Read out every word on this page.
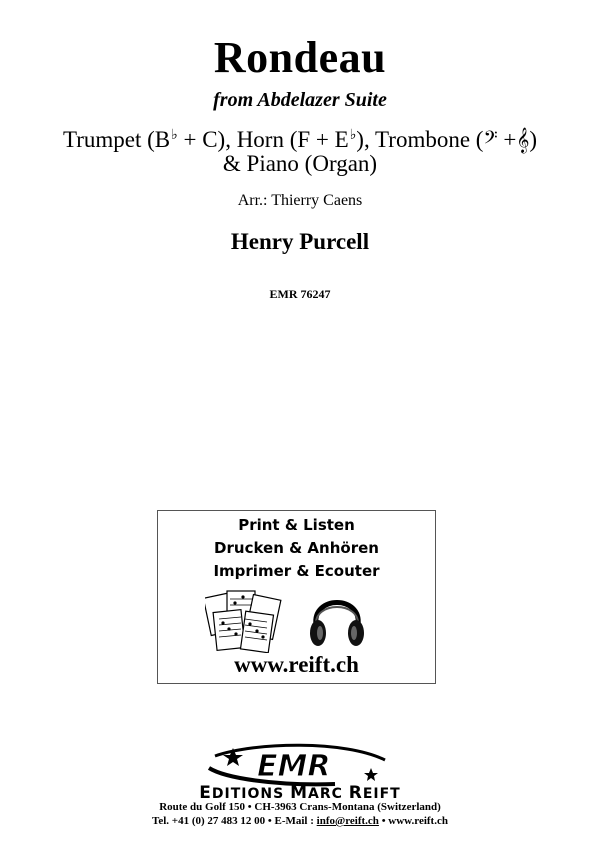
Rondeau
from Abdelazer Suite
Trumpet (B♭ + C), Horn (F + E♭), Trombone (𝄢 +𝄞)
& Piano (Organ)
Arr.: Thierry Caens
Henry Purcell
EMR 76247
Print & Listen
Drucken & Anhören
Imprimer & Ecouter
www.reift.ch
EMR
EDITIONS MARC REIFT
Route du Golf 150 • CH-3963 Crans-Montana (Switzerland)
Tel. +41 (0) 27 483 12 00 • E-Mail : info@reift.ch • www.reift.ch
